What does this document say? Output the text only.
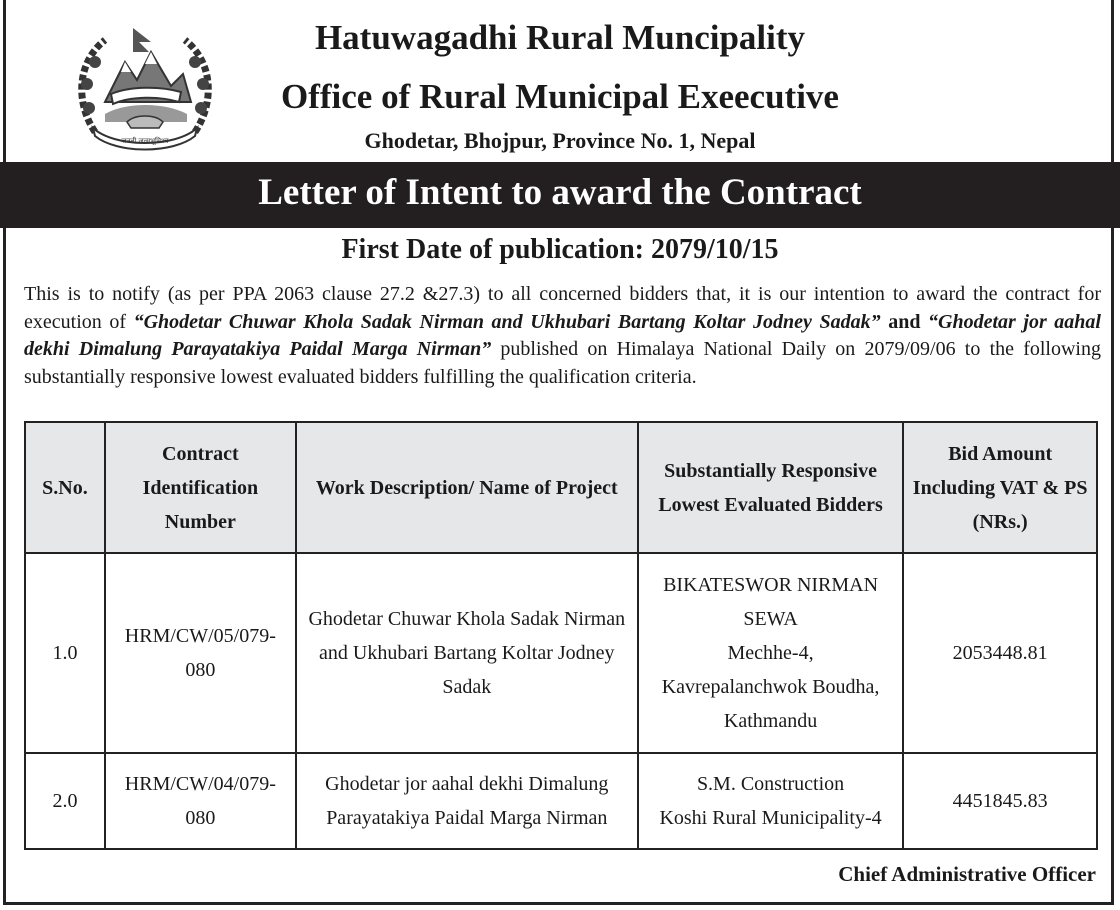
जननी जन्मभूमिश्च
Hatuwagadhi Rural Muncipality
Office of Rural Municipal Exeecutive
Ghodetar, Bhojpur, Province No. 1, Nepal
Letter of Intent to award the Contract
First Date of publication: 2079/10/15
This is to notify (as per PPA 2063 clause 27.2 &27.3) to all concerned bidders that, it is our intention to award the contract for execution of “Ghodetar Chuwar Khola Sadak Nirman and Ukhubari Bartang Koltar Jodney Sadak” and “Ghodetar jor aahal dekhi Dimalung Parayatakiya Paidal Marga Nirman” published on Himalaya National Daily on 2079/09/06 to the following substantially responsive lowest evaluated bidders fulfilling the qualification criteria.
S.No.	Contract Identification Number	Work Description/ Name of Project	Substantially Responsive Lowest Evaluated Bidders	Bid Amount Including VAT & PS (NRs.)
1.0	HRM/CW/05/079-080	Ghodetar Chuwar Khola Sadak Nirman and Ukhubari Bartang Koltar Jodney Sadak	BIKATESWOR NIRMAN SEWA
Mechhe-4,
Kavrepalanchwok Boudha, Kathmandu	2053448.81
2.0	HRM/CW/04/079-080	Ghodetar jor aahal dekhi Dimalung Parayatakiya Paidal Marga Nirman	S.M. Construction
Koshi Rural Municipality-4	4451845.83
Chief Administrative Officer
